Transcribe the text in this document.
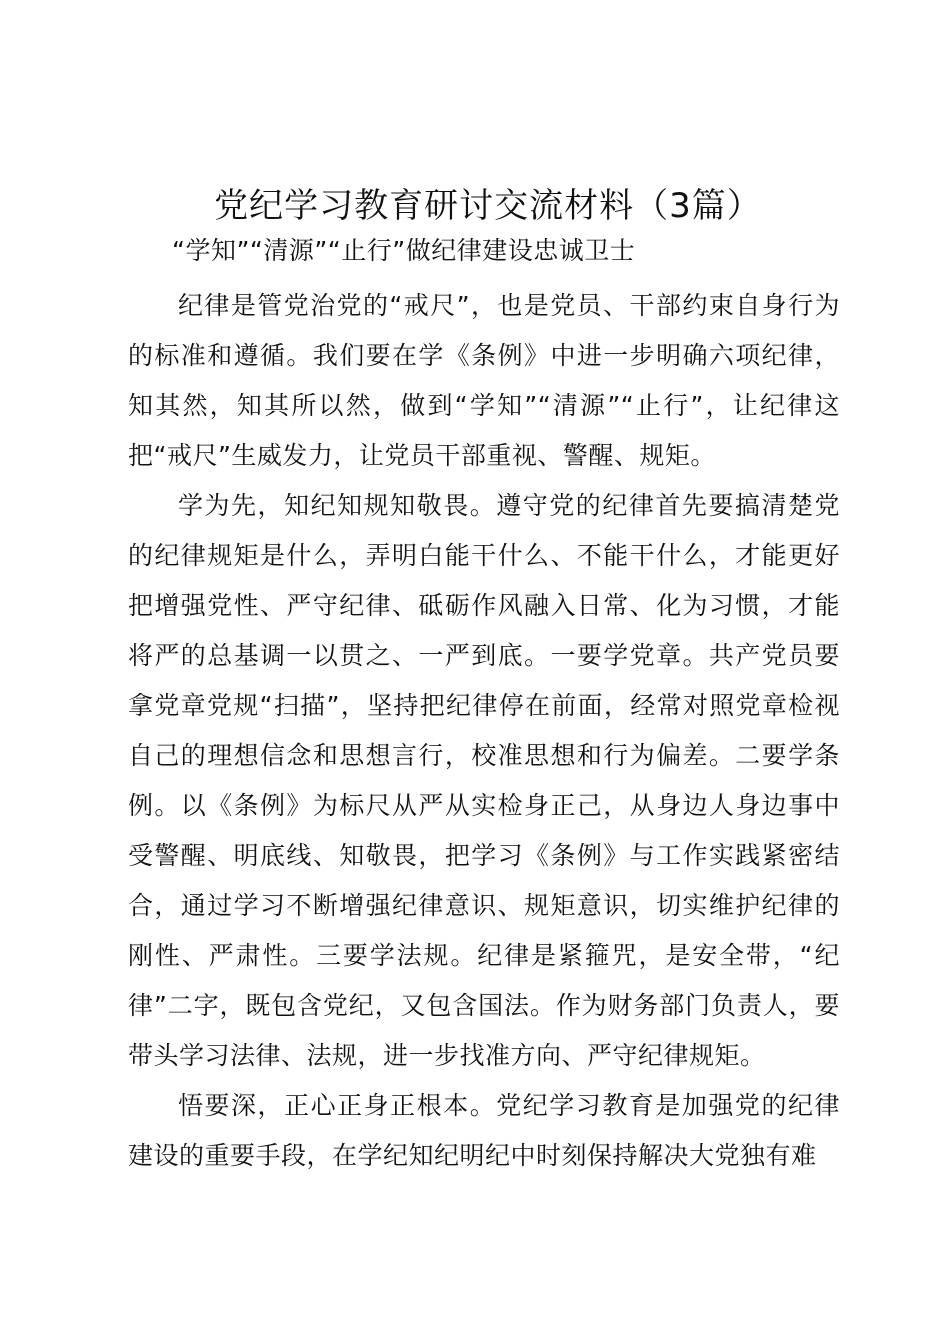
党纪学习教育研讨交流材料（3篇）

“学知”“清源”“止行”做纪律建设忠诚卫士

纪律是管党治党的“戒尺”，也是党员、干部约束自身行为的标准和遵循。我们要在学《条例》中进一步明确六项纪律，知其然，知其所以然，做到“学知”“清源”“止行”，让纪律这把“戒尺”生威发力，让党员干部重视、警醒、规矩。

学为先，知纪知规知敬畏。遵守党的纪律首先要搞清楚党的纪律规矩是什么，弄明白能干什么、不能干什么，才能更好把增强党性、严守纪律、砥砺作风融入日常、化为习惯，才能将严的总基调一以贯之、一严到底。一要学党章。共产党员要拿党章党规“扫描”，坚持把纪律停在前面，经常对照党章检视自己的理想信念和思想言行，校准思想和行为偏差。二要学条例。以《条例》为标尺从严从实检身正己，从身边人身边事中受警醒、明底线、知敬畏，把学习《条例》与工作实践紧密结合，通过学习不断增强纪律意识、规矩意识，切实维护纪律的刚性、严肃性。三要学法规。纪律是紧箍咒，是安全带，“纪律”二字，既包含党纪，又包含国法。作为财务部门负责人，要带头学习法律、法规，进一步找准方向、严守纪律规矩。

悟要深，正心正身正根本。党纪学习教育是加强党的纪律建设的重要手段，在学纪知纪明纪中时刻保持解决大党独有难
